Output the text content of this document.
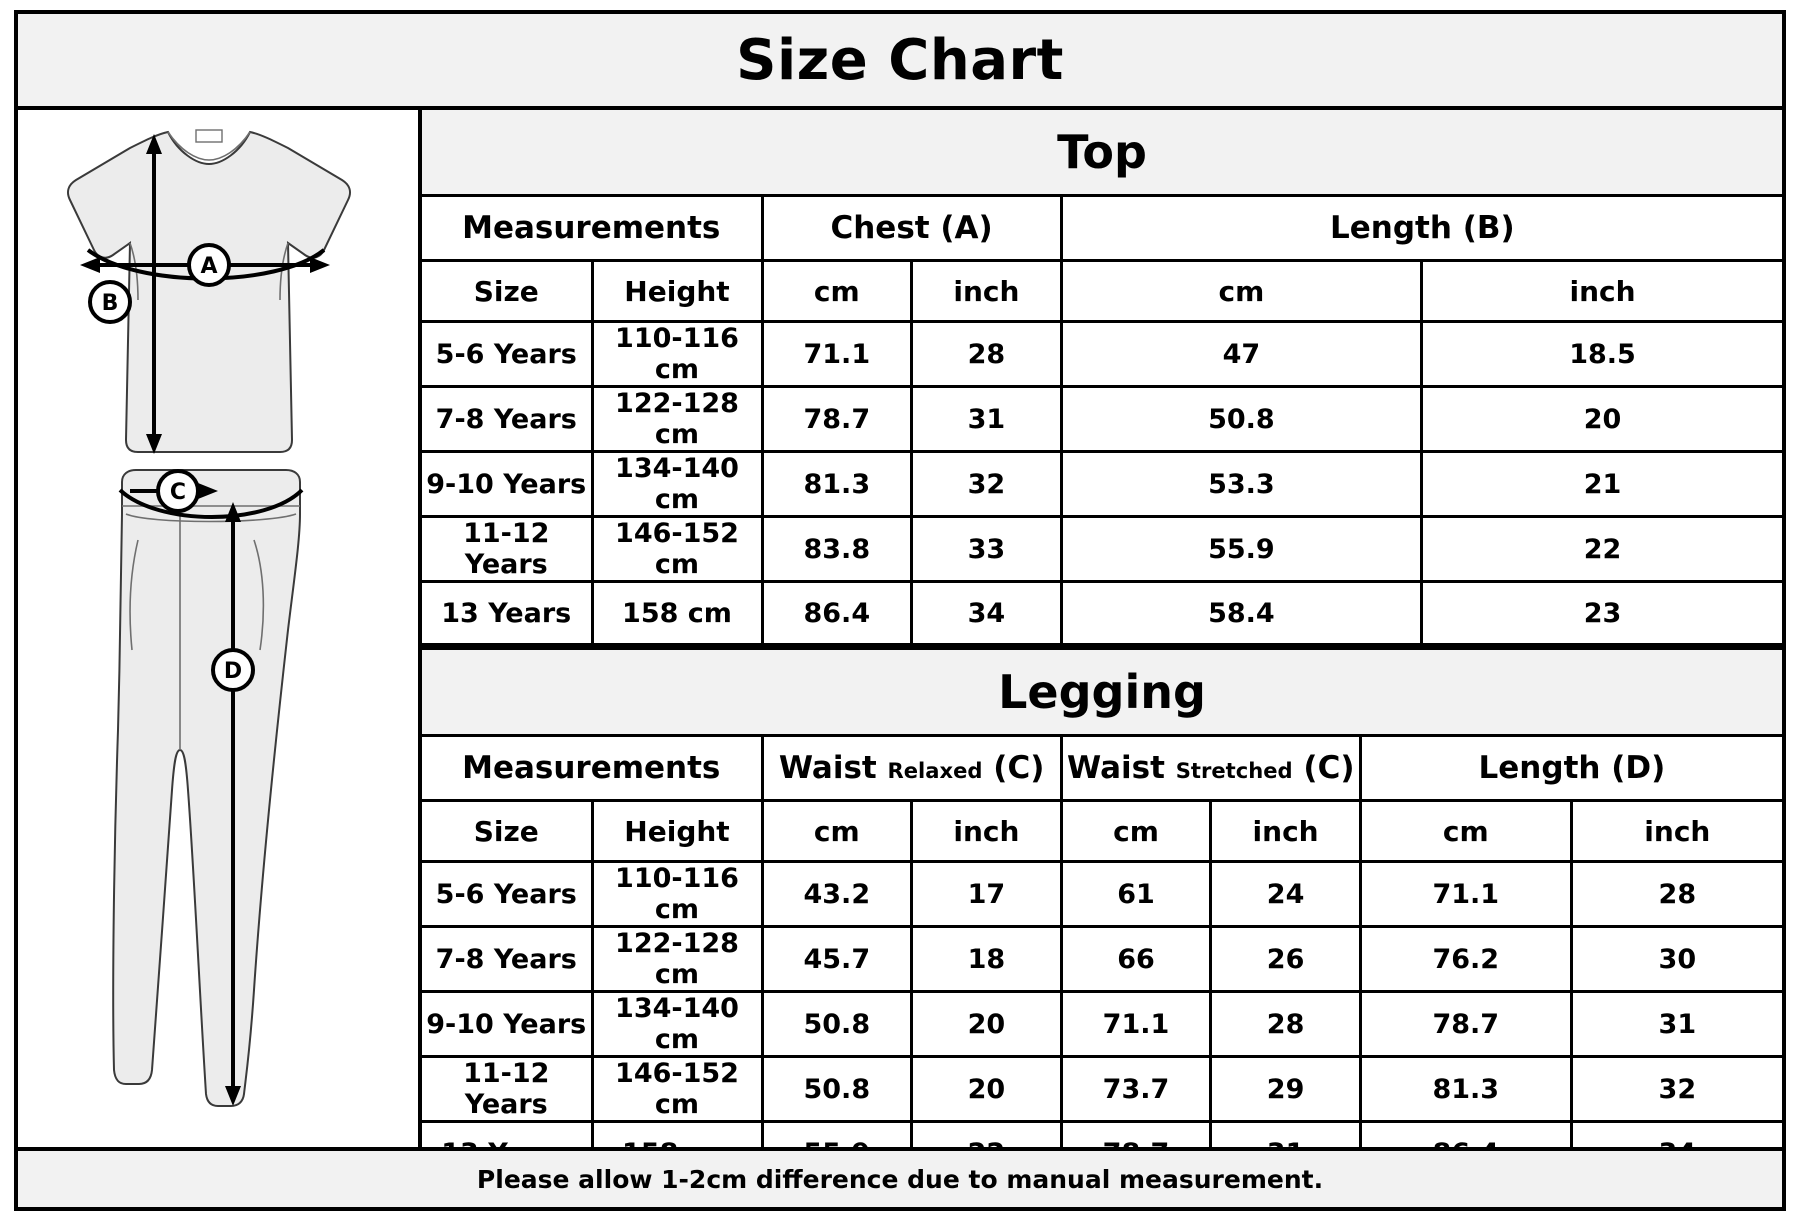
Size Chart
A
B
C
D
Top
Measurements		Chest (A)		Length (B)	
Size	Height	cm	inch	cm	inch
5-6 Years	110-116 cm	71.1	28	47	18.5
7-8 Years	122-128 cm	78.7	31	50.8	20
9-10 Years	134-140 cm	81.3	32	53.3	21
11-12 Years	146-152 cm	83.8	33	55.9	22
13 Years	158 cm	86.4	34	58.4	23
Legging
Measurements		Waist Relaxed (C)		Waist Stretched (C)		Length (D)	
Size	Height	cm	inch	cm	inch	cm	inch
5-6 Years	110-116 cm	43.2	17	61	24	71.1	28
7-8 Years	122-128 cm	45.7	18	66	26	76.2	30
9-10 Years	134-140 cm	50.8	20	71.1	28	78.7	31
11-12 Years	146-152 cm	50.8	20	73.7	29	81.3	32

Please allow 1-2cm difference due to manual measurement.
